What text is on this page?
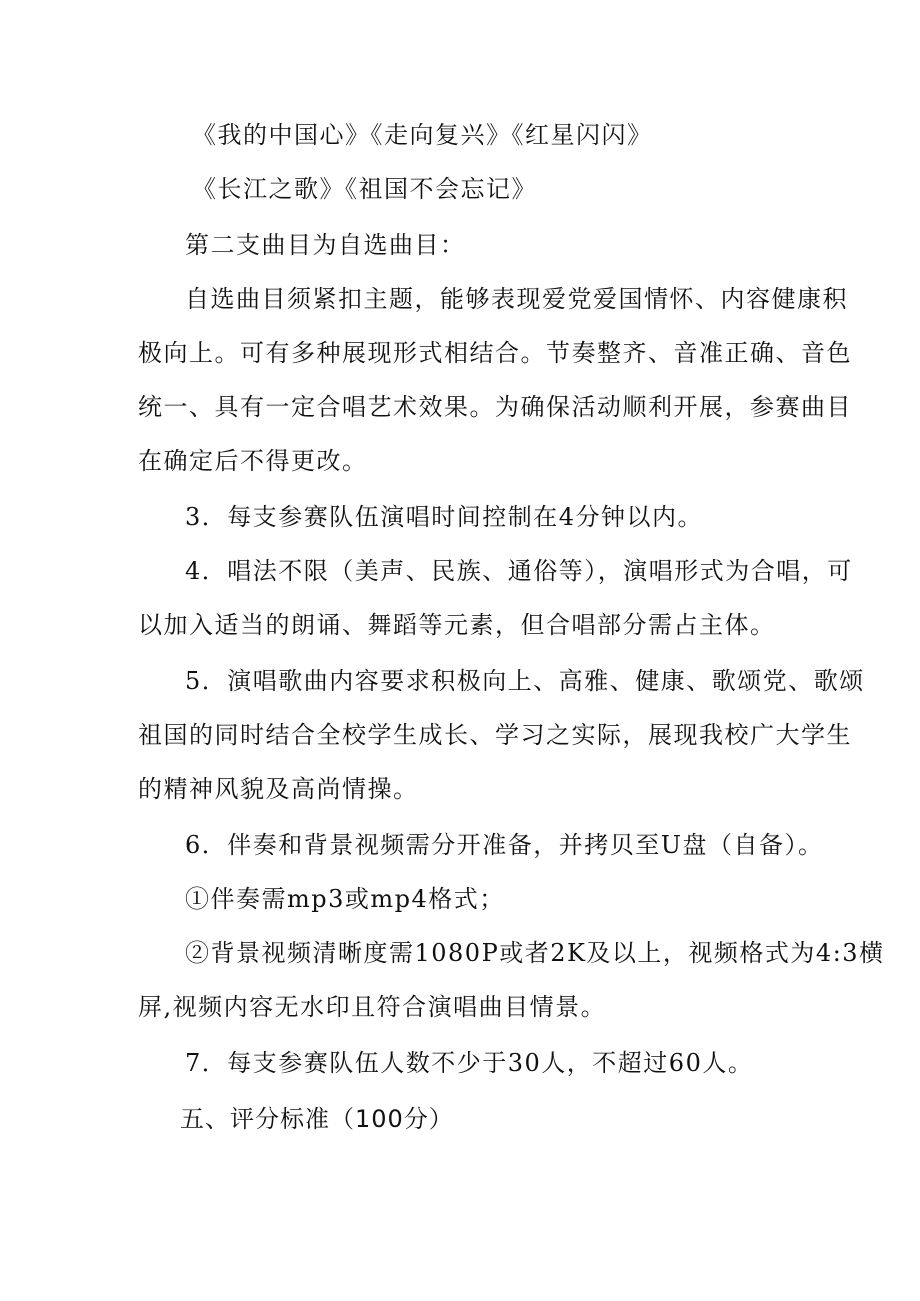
《我的中国心》《走向复兴》《红星闪闪》
《长江之歌》《祖国不会忘记》
第二支曲目为自选曲目：
自选曲目须紧扣主题，能够表现爱党爱国情怀、内容健康积
极向上。可有多种展现形式相结合。节奏整齐、音准正确、音色
统一、具有一定合唱艺术效果。为确保活动顺利开展，参赛曲目
在确定后不得更改。
3．每支参赛队伍演唱时间控制在4分钟以内。
4．唱法不限（美声、民族、通俗等），演唱形式为合唱，可
以加入适当的朗诵、舞蹈等元素，但合唱部分需占主体。
5．演唱歌曲内容要求积极向上、高雅、健康、歌颂党、歌颂
祖国的同时结合全校学生成长、学习之实际，展现我校广大学生
的精神风貌及高尚情操。
6．伴奏和背景视频需分开准备，并拷贝至U盘（自备）。
①伴奏需mp3或mp4格式；
②背景视频清晰度需1080P或者2K及以上，视频格式为4:3横
屏,视频内容无水印且符合演唱曲目情景。
7．每支参赛队伍人数不少于30人，不超过60人。
五、评分标准（100分）
